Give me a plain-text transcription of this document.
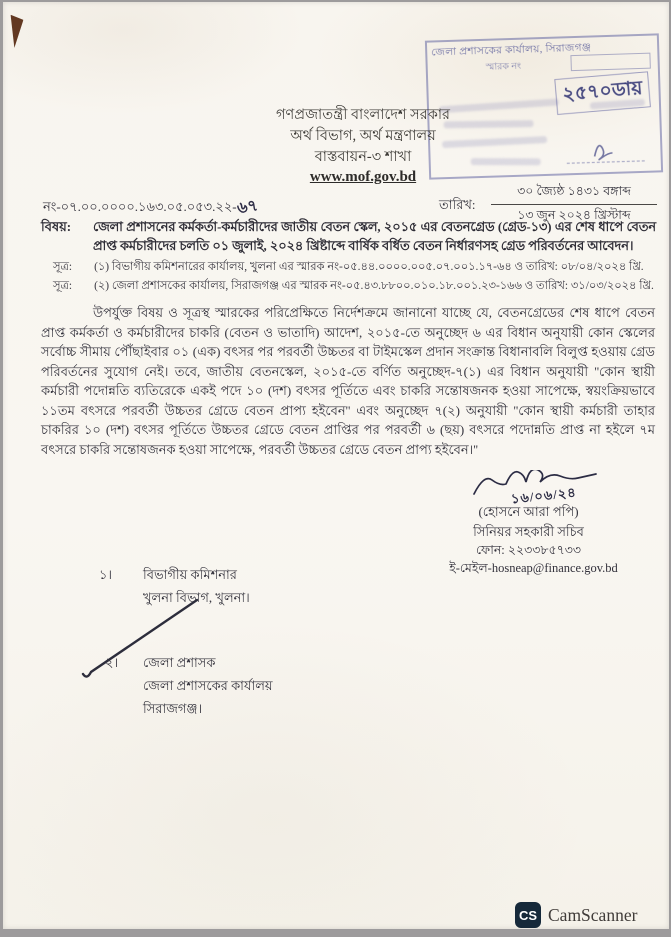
জেলা প্রশাসকের কার্যালয়, সিরাজগঞ্জ
স্মারক নং
২৫৭০ডায়
গণপ্রজাতন্ত্রী বাংলাদেশ সরকার
অর্থ বিভাগ, অর্থ মন্ত্রণালয়
বাস্তবায়ন-৩ শাখা
www.mof.gov.bd
নং-০৭.০০.০০০০.১৬৩.০৫.০৫৩.২২-৬৭	তারিখ:
৩০ জ্যৈষ্ঠ ১৪৩১ বঙ্গাব্দ
১৩ জুন ২০২৪ খ্রিস্টাব্দ
বিষয়:	জেলা প্রশাসনের কর্মকর্তা-কর্মচারীদের জাতীয় বেতন স্কেল, ২০১৫ এর বেতনগ্রেড (গ্রেড-১৩) এর শেষ ধাপে বেতন প্রাপ্ত কর্মচারীদের চলতি ০১ জুলাই, ২০২৪ খ্রিষ্টাব্দে বার্ষিক বর্ধিত বেতন নির্ধারণসহ গ্রেড পরিবর্তনের আবেদন।
সূত্র: (১) বিভাগীয় কমিশনারের কার্যালয়, খুলনা এর স্মারক নং-০৫.৪৪.০০০০.০০৫.০৭.০০১.১৭-৬৪ ও তারিখ: ০৮/০৪/২০২৪ খ্রি.
সূত্র: (২) জেলা প্রশাসকের কার্যালয়, সিরাজগঞ্জ এর স্মারক নং-০৫.৪৩.৮৮০০.০১০.১৮.০০১.২৩-১৬৬ ও তারিখ: ৩১/০৩/২০২৪ খ্রি.
উপর্যুক্ত বিষয় ও সূত্রস্থ স্মারকের পরিপ্রেক্ষিতে নির্দেশক্রমে জানানো যাচ্ছে যে, বেতনগ্রেডের শেষ ধাপে বেতন প্রাপ্ত কর্মকর্তা ও কর্মচারীদের চাকরি (বেতন ও ভাতাদি) আদেশ, ২০১৫-তে অনুচ্ছেদ ৬ এর বিধান অনুযায়ী কোন স্কেলের সর্বোচ্চ সীমায় পৌঁছাইবার ০১ (এক) বৎসর পর পরবর্তী উচ্চতর বা টাইমস্কেল প্রদান সংক্রান্ত বিধানাবলি বিলুপ্ত হওয়ায় গ্রেড পরিবর্তনের সুযোগ নেই। তবে, জাতীয় বেতনস্কেল, ২০১৫-তে বর্ণিত অনুচ্ছেদ-৭(১) এর বিধান অনুযায়ী ''কোন স্থায়ী কর্মচারী পদোন্নতি ব্যতিরেকে একই পদে ১০ (দশ) বৎসর পূর্তিতে এবং চাকরি সন্তোষজনক হওয়া সাপেক্ষে, স্বয়ংক্রিয়ভাবে ১১তম বৎসরে পরবর্তী উচ্চতর গ্রেডে বেতন প্রাপ্য হইবেন'' এবং অনুচ্ছেদ ৭(২) অনুযায়ী ''কোন স্থায়ী কর্মচারী তাহার চাকরির ১০ (দশ) বৎসর পূর্তিতে উচ্চতর গ্রেডে বেতন প্রাপ্তির পর পরবর্তী ৬ (ছয়) বৎসরে পদোন্নতি প্রাপ্ত না হইলে ৭ম বৎসরে চাকরি সন্তোষজনক হওয়া সাপেক্ষে, পরবর্তী উচ্চতর গ্রেডে বেতন প্রাপ্য হইবেন।''
১৬/০৬/২৪
(হোসনে আরা পপি)
সিনিয়র সহকারী সচিব
ফোন: ২২৩৩৮৫৭৩৩
ই-মেইল-hosneap@finance.gov.bd
১। বিভাগীয় কমিশনার
খুলনা বিভাগ, খুলনা।
২। জেলা প্রশাসক
জেলা প্রশাসকের কার্যালয়
সিরাজগঞ্জ।
CS CamScanner
